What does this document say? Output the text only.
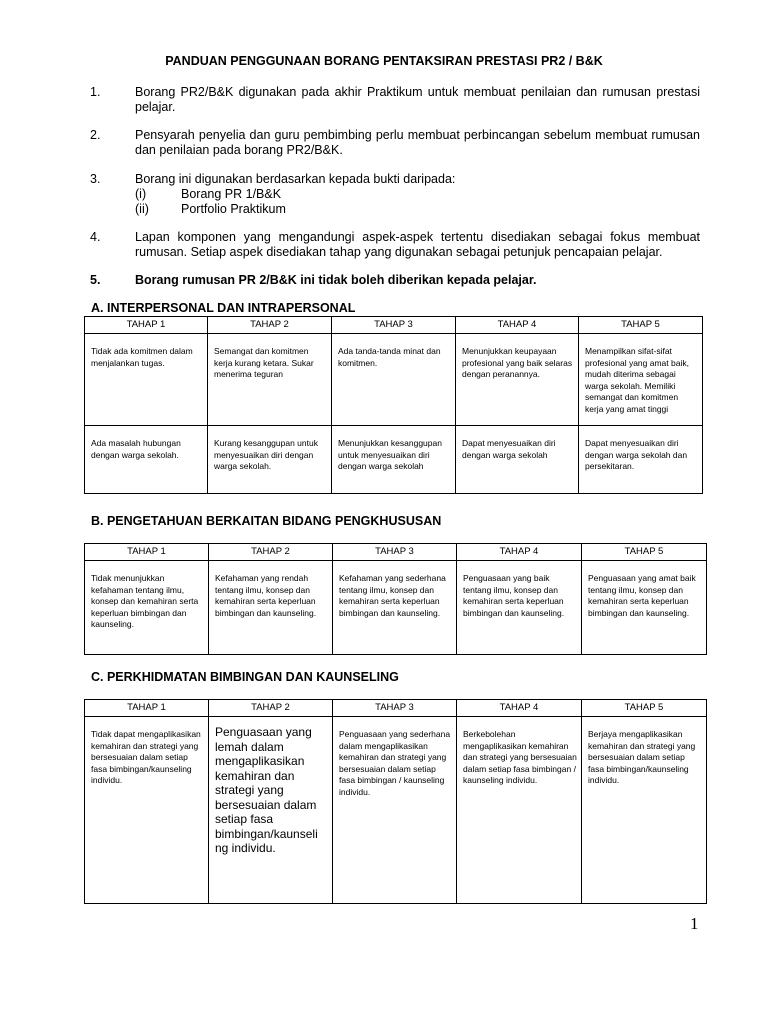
PANDUAN PENGGUNAAN BORANG PENTAKSIRAN PRESTASI PR2 / B&K
1.	Borang PR2/B&K digunakan pada akhir Praktikum untuk membuat penilaian dan rumusan prestasi pelajar.
2.	Pensyarah penyelia dan guru pembimbing perlu membuat perbincangan sebelum membuat rumusan dan penilaian pada borang PR2/B&K.
3.	Borang ini digunakan berdasarkan kepada bukti daripada:
(i)	Borang PR 1/B&K
(ii)	Portfolio Praktikum
4.	Lapan komponen yang mengandungi aspek-aspek tertentu disediakan sebagai fokus membuat rumusan. Setiap aspek disediakan tahap yang digunakan sebagai petunjuk pencapaian pelajar.
5.	Borang rumusan PR 2/B&K ini tidak boleh diberikan kepada pelajar.
A. INTERPERSONAL DAN INTRAPERSONAL
TAHAP 1	TAHAP 2	TAHAP 3	TAHAP 4	TAHAP 5
Tidak ada komitmen dalam menjalankan tugas.	Semangat dan komitmen kerja kurang ketara. Sukar menerima teguran	Ada tanda-tanda minat dan komitmen.	Menunjukkan keupayaan profesional yang baik selaras dengan peranannya.	Menampilkan sifat-sifat profesional yang amat baik, mudah diterima sebagai warga sekolah. Memiliki semangat dan komitmen kerja yang amat tinggi
Ada masalah hubungan dengan warga sekolah.	Kurang kesanggupan untuk menyesuaikan diri dengan warga sekolah.	Menunjukkan kesanggupan untuk menyesuaikan diri dengan warga sekolah	Dapat menyesuaikan diri dengan warga sekolah	Dapat menyesuaikan diri dengan warga sekolah dan persekitaran.
B. PENGETAHUAN BERKAITAN BIDANG PENGKHUSUSAN
TAHAP 1	TAHAP 2	TAHAP 3	TAHAP 4	TAHAP 5
Tidak menunjukkan kefahaman tentang ilmu, konsep dan kemahiran serta keperluan bimbingan dan kaunseling.	Kefahaman yang rendah tentang ilmu, konsep dan kemahiran serta keperluan bimbingan dan kaunseling.	Kefahaman yang sederhana tentang ilmu, konsep dan kemahiran serta keperluan bimbingan dan kaunseling.	Penguasaan yang baik tentang ilmu, konsep dan kemahiran serta keperluan bimbingan dan kaunseling.	Penguasaan yang amat baik tentang ilmu, konsep dan kemahiran serta keperluan bimbingan dan kaunseling.
C. PERKHIDMATAN BIMBINGAN DAN KAUNSELING
TAHAP 1	TAHAP 2	TAHAP 3	TAHAP 4	TAHAP 5
Tidak dapat mengaplikasikan kemahiran dan strategi yang bersesuaian dalam setiap fasa bimbingan/kaunseling individu.	Penguasaan yang lemah dalam mengaplikasikan kemahiran dan strategi yang bersesuaian dalam setiap fasa bimbingan/kaunseli ng individu.	Penguasaan yang sederhana dalam mengaplikasikan kemahiran dan strategi yang bersesuaian dalam setiap fasa bimbingan / kaunseling individu.	Berkebolehan mengaplikasikan kemahiran dan strategi yang bersesuaian dalam setiap fasa bimbingan / kaunseling individu.	Berjaya mengaplikasikan kemahiran dan strategi yang bersesuaian dalam setiap fasa bimbingan/kaunseling individu.
1
